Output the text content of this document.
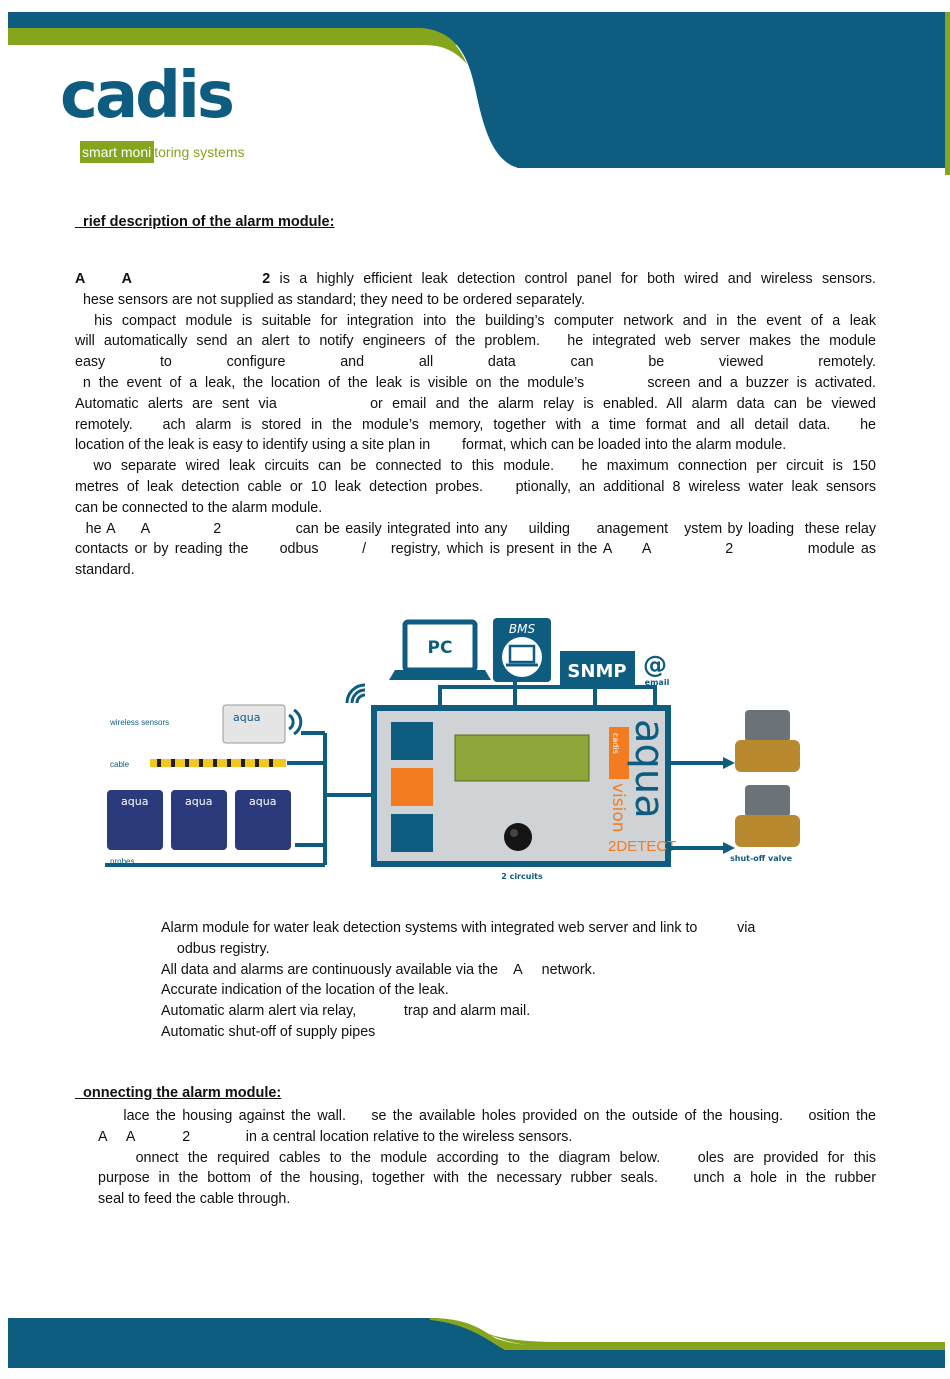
cadis
smart moni toring systems
rief description of the alarm module:
A    A              2 is a highly efficient leak detection control panel for both wired and wireless sensors.
hese sensors are not supplied as standard; they need to be ordered separately.
his compact module is suitable for integration into the building’s computer network and in the event of a leak
will automatically send an alert to notify engineers of the problem.   he integrated web server makes the module
easy to configure and all data can be viewed remotely.
n the event of a leak, the location of the leak is visible on the module’s        screen and a buzzer is activated.
Automatic alerts are sent via          or email and the alarm relay is enabled. All alarm data can be viewed
remotely.   ach alarm is stored in the module’s memory, together with a time format and all detail data.   he
location of the leak is easy to identify using a site plan in        format, which can be loaded into the alarm module.
wo separate wired leak circuits can be connected to this module.   he maximum connection per circuit is 150
metres of leak detection cable or 10 leak detection probes.    ptionally, an additional 8 wireless water leak sensors
can be connected to the alarm module.
he A     A            2              can be easily integrated into any    uilding     anagement   ystem by loading  these relay
contacts or by reading the     odbus       /    registry, which is present in the A     A            2            module as
standard.
PC
BMS
SNMP @
email
cadis aqua
vision
2DETECT
2 circuits
wireless sensors	aqua
cable
aqua	aqua	aqua
probes	shut-off valve
Alarm module for water leak detection systems with integrated web server and link to          via
odbus registry.
All data and alarms are continuously available via the    A     network.
Accurate indication of the location of the leak.
Automatic alarm alert via relay,            trap and alarm mail.
Automatic shut-off of supply pipes
onnecting the alarm module:
lace the housing against the wall.    se the available holes provided on the outside of the housing.    osition the
A     A            2              in a central location relative to the wireless sensors.
onnect the required cables to the module according to the diagram below.    oles are provided for this
purpose in the bottom of the housing, together with the necessary rubber seals.    unch a hole in the rubber
seal to feed the cable through.
